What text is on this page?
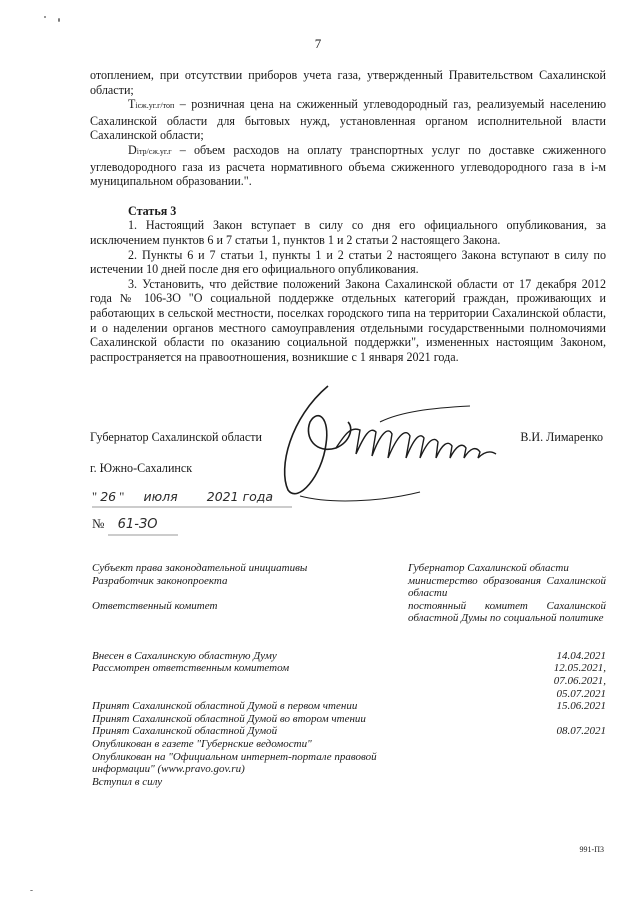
7

отоплением, при отсутствии приборов учета газа, утвержденный Правительством Сахалинской области;

Tiсж.уг.г/топ – розничная цена на сжиженный углеводородный газ, реализуемый населению Сахалинской области для бытовых нужд, установленная органом исполнительной власти Сахалинской области;

Diтр/сж.уг.г – объем расходов на оплату транспортных услуг по доставке сжиженного углеводородного газа из расчета нормативного объема сжиженного углеводородного газа в i-м муниципальном образовании.".

Статья 3

1. Настоящий Закон вступает в силу со дня его официального опубликования, за исключением пунктов 6 и 7 статьи 1, пунктов 1 и 2 статьи 2 настоящего Закона.

2. Пункты 6 и 7 статьи 1, пункты 1 и 2 статьи 2 настоящего Закона вступают в силу по истечении 10 дней после дня его официального опубликования.

3. Установить, что действие положений Закона Сахалинской области от 17 декабря 2012 года № 106-ЗО "О социальной поддержке отдельных категорий граждан, проживающих и работающих в сельской местности, поселках городского типа на территории Сахалинской области, и о наделении органов местного самоуправления отдельными государственными полномочиями Сахалинской области по оказанию социальной поддержки", измененных настоящим Законом, распространяется на правоотношения, возникшие с 1 января 2021 года.

Губернатор Сахалинской области	В.И. Лимаренко
г. Южно-Сахалинск
" 26 " июля 2021 года
№ 61-ЗО
Субъект права законодательной инициативы	Губернатор Сахалинской области
Разработчик законопроекта	министерство образования Сахалинской области
Ответственный комитет	постоянный комитет Сахалинской областной Думы по социальной политике
Внесен в Сахалинскую областную Думу	14.04.2021
Рассмотрен ответственным комитетом	12.05.2021,
07.06.2021,
05.07.2021
Принят Сахалинской областной Думой в первом чтении	15.06.2021
Принят Сахалинской областной Думой во втором чтении
Принят Сахалинской областной Думой	08.07.2021
Опубликован в газете "Губернские ведомости"
Опубликован на "Официальном интернет-портале правовой информации" (www.pravo.gov.ru)
Вступил в силу
991-П3
